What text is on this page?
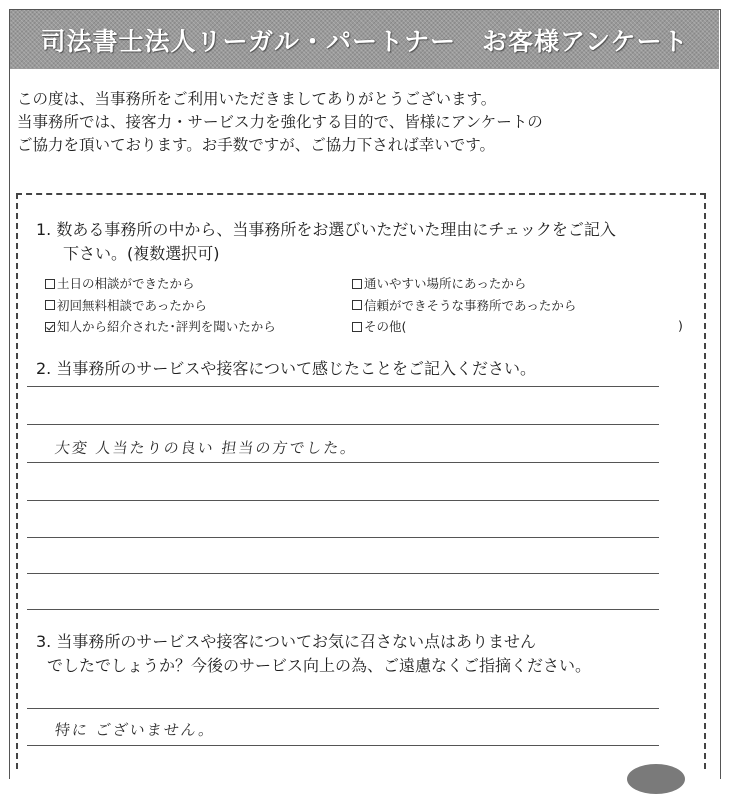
司法書士法人リーガル・パートナー　お客様アンケート
この度は、当事務所をご利用いただきましてありがとうございます。
当事務所では、接客力・サービス力を強化する目的で、皆様にアンケートの
ご協力を頂いております。お手数ですが、ご協力下されば幸いです。
1. 数ある事務所の中から、当事務所をお選びいただいた理由にチェックをご記入
下さい。(複数選択可)
土日の相談ができたから
初回無料相談であったから
知人から紹介された･評判を聞いたから
通いやすい場所にあったから
信頼ができそうな事務所であったから
その他(	)
2. 当事務所のサービスや接客について感じたことをご記入ください。
大変 人当たりの良い 担当の方でした。
3. 当事務所のサービスや接客についてお気に召さない点はありません
でしたでしょうか？今後のサービス向上の為、ご遠慮なくご指摘ください。
特に ございません。
